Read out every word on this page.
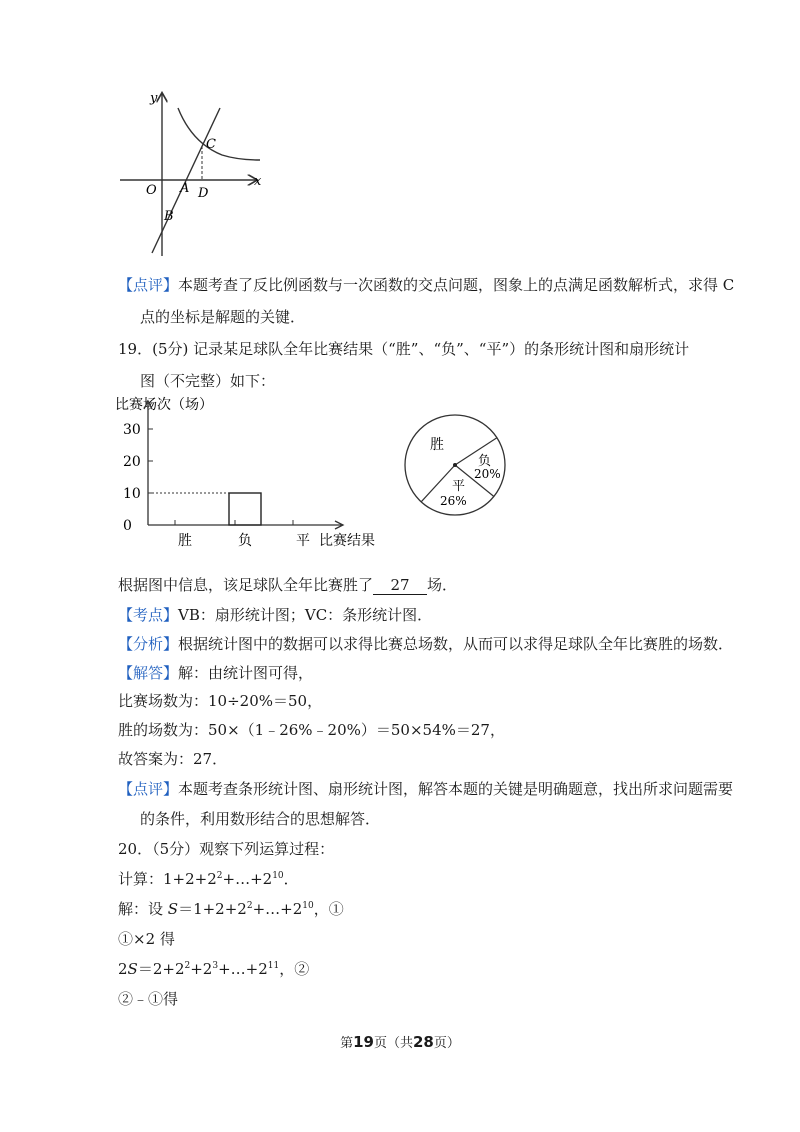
y
x
O A
B
C
D
【点评】本题考查了反比例函数与一次函数的交点问题，图象上的点满足函数解析式，求得 C
点的坐标是解题的关键．
19．(5分) 记录某足球队全年比赛结果（“胜”、“负”、“平”）的条形统计图和扇形统计
图（不完整）如下：
比赛场次（场）
0
10
20
30
胜	负	平 比赛结果
胜
负
20%
平
26%
根据图中信息，该足球队全年比赛胜了 27 场．
【考点】VB：扇形统计图；VC：条形统计图．
【分析】根据统计图中的数据可以求得比赛总场数，从而可以求得足球队全年比赛胜的场数．
【解答】解：由统计图可得，
比赛场数为：10÷20%＝50，
胜的场数为：50×（1﹣26%﹣20%）＝50×54%＝27，
故答案为：27．
【点评】本题考查条形统计图、扇形统计图，解答本题的关键是明确题意，找出所求问题需要
的条件，利用数形结合的思想解答．
20．（5分）观察下列运算过程：
计算：$1+2+2^2+\dots+2^{10}$．
解：设 $S=1+2+2^2+\dots+2^{10}$，①
①×2 得
$2S=2+2^2+2^3+\dots+2^{11}$，②
②﹣①得
第19页（共28页）
